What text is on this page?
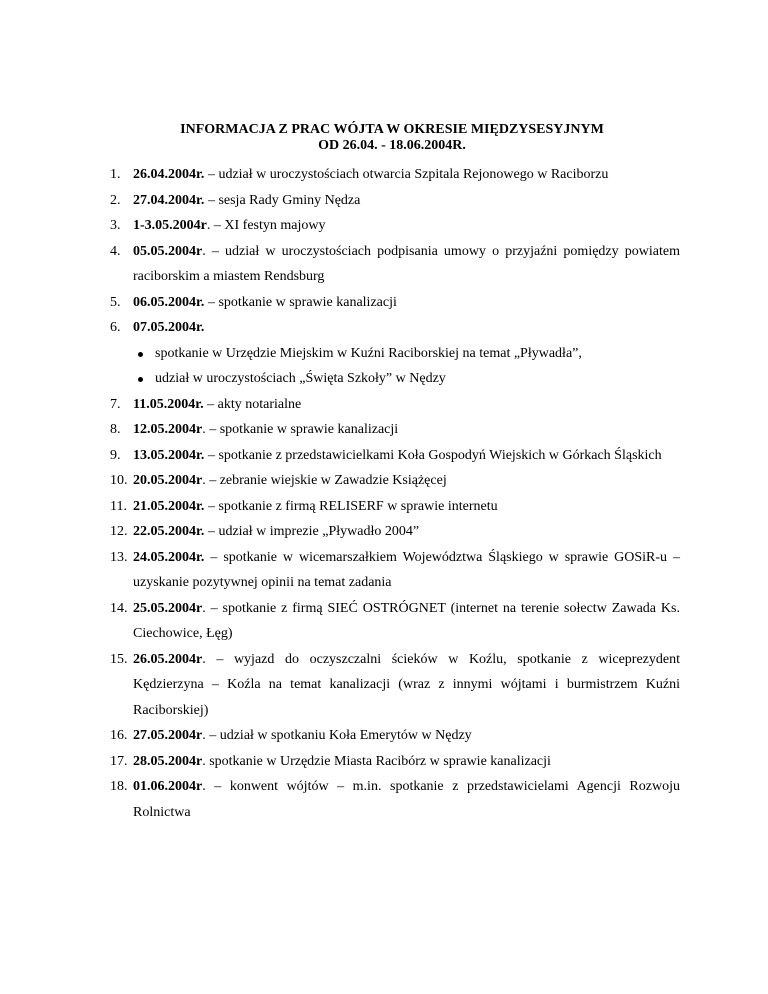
INFORMACJA Z PRAC WÓJTA W OKRESIE MIĘDZYSESYJNYM
OD 26.04. - 18.06.2004R.
1. 26.04.2004r. – udział w uroczystościach otwarcia Szpitala Rejonowego w Raciborzu
2. 27.04.2004r. – sesja Rady Gminy Nędza
3. 1-3.05.2004r. – XI festyn majowy
4. 05.05.2004r. – udział w uroczystościach podpisania umowy o przyjaźni pomiędzy powiatem raciborskim a miastem Rendsburg
5. 06.05.2004r. – spotkanie w sprawie kanalizacji
6. 07.05.2004r.
spotkanie w Urzędzie Miejskim w Kuźni Raciborskiej na temat „Pływadła”,
udział w uroczystościach „Święta Szkoły” w Nędzy
7. 11.05.2004r. – akty notarialne
8. 12.05.2004r. – spotkanie w sprawie kanalizacji
9. 13.05.2004r. – spotkanie z przedstawicielkami Koła Gospodyń Wiejskich w Górkach Śląskich
10. 20.05.2004r. – zebranie wiejskie w Zawadzie Książęcej
11. 21.05.2004r. – spotkanie z firmą RELISERF w sprawie internetu
12. 22.05.2004r. – udział w imprezie „Pływadło 2004”
13. 24.05.2004r. – spotkanie w wicemarszałkiem Województwa Śląskiego w sprawie GOSiR-u – uzyskanie pozytywnej opinii na temat zadania
14. 25.05.2004r. – spotkanie z firmą SIEĆ OSTRÓGNET (internet na terenie sołectw Zawada Ks. Ciechowice, Łęg)
15. 26.05.2004r. – wyjazd do oczyszczalni ścieków w Koźlu, spotkanie z wiceprezydent Kędzierzyna – Koźla na temat kanalizacji (wraz z innymi wójtami i burmistrzem Kuźni Raciborskiej)
16. 27.05.2004r. – udział w spotkaniu Koła Emerytów w Nędzy
17. 28.05.2004r. spotkanie w Urzędzie Miasta Racibórz w sprawie kanalizacji
18. 01.06.2004r. – konwent wójtów – m.in. spotkanie z przedstawicielami Agencji Rozwoju Rolnictwa
